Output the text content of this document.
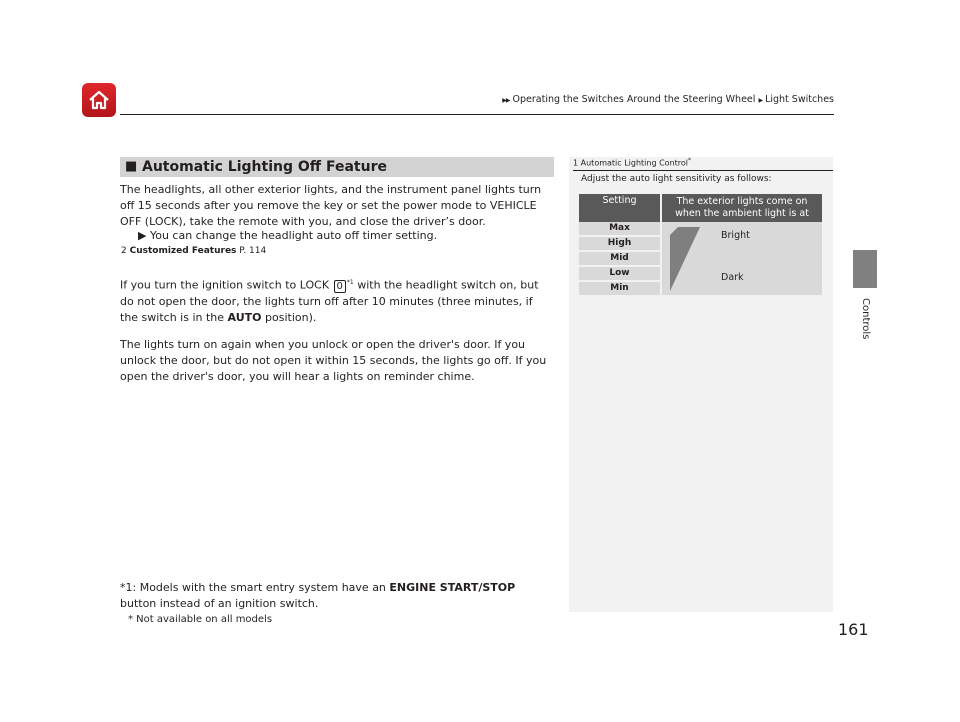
▶▶ Operating the Switches Around the Steering Wheel ▶ Light Switches
Controls
■ Automatic Lighting Off Feature
The headlights, all other exterior lights, and the instrument panel lights turn off 15 seconds after you remove the key or set the power mode to VEHICLE OFF (LOCK), take the remote with you, and close the driver’s door.
▶ You can change the headlight auto off timer setting.
2 Customized Features P. 114
If you turn the ignition switch to LOCK 0 $^{*1}$ with the headlight switch on, but do not open the door, the lights turn off after 10 minutes (three minutes, if the switch is in the AUTO position).
The lights turn on again when you unlock or open the driver's door. If you unlock the door, but do not open it within 15 seconds, the lights go off. If you open the driver's door, you will hear a lights on reminder chime.
*1: Models with the smart entry system have an ENGINE START/STOP button instead of an ignition switch.
* Not available on all models
161
1 Automatic Lighting Control*
Adjust the auto light sensitivity as follows:
Setting	The exterior lights come on
when the ambient light is at
Max
High
Mid
Low
Min
Bright
Dark
